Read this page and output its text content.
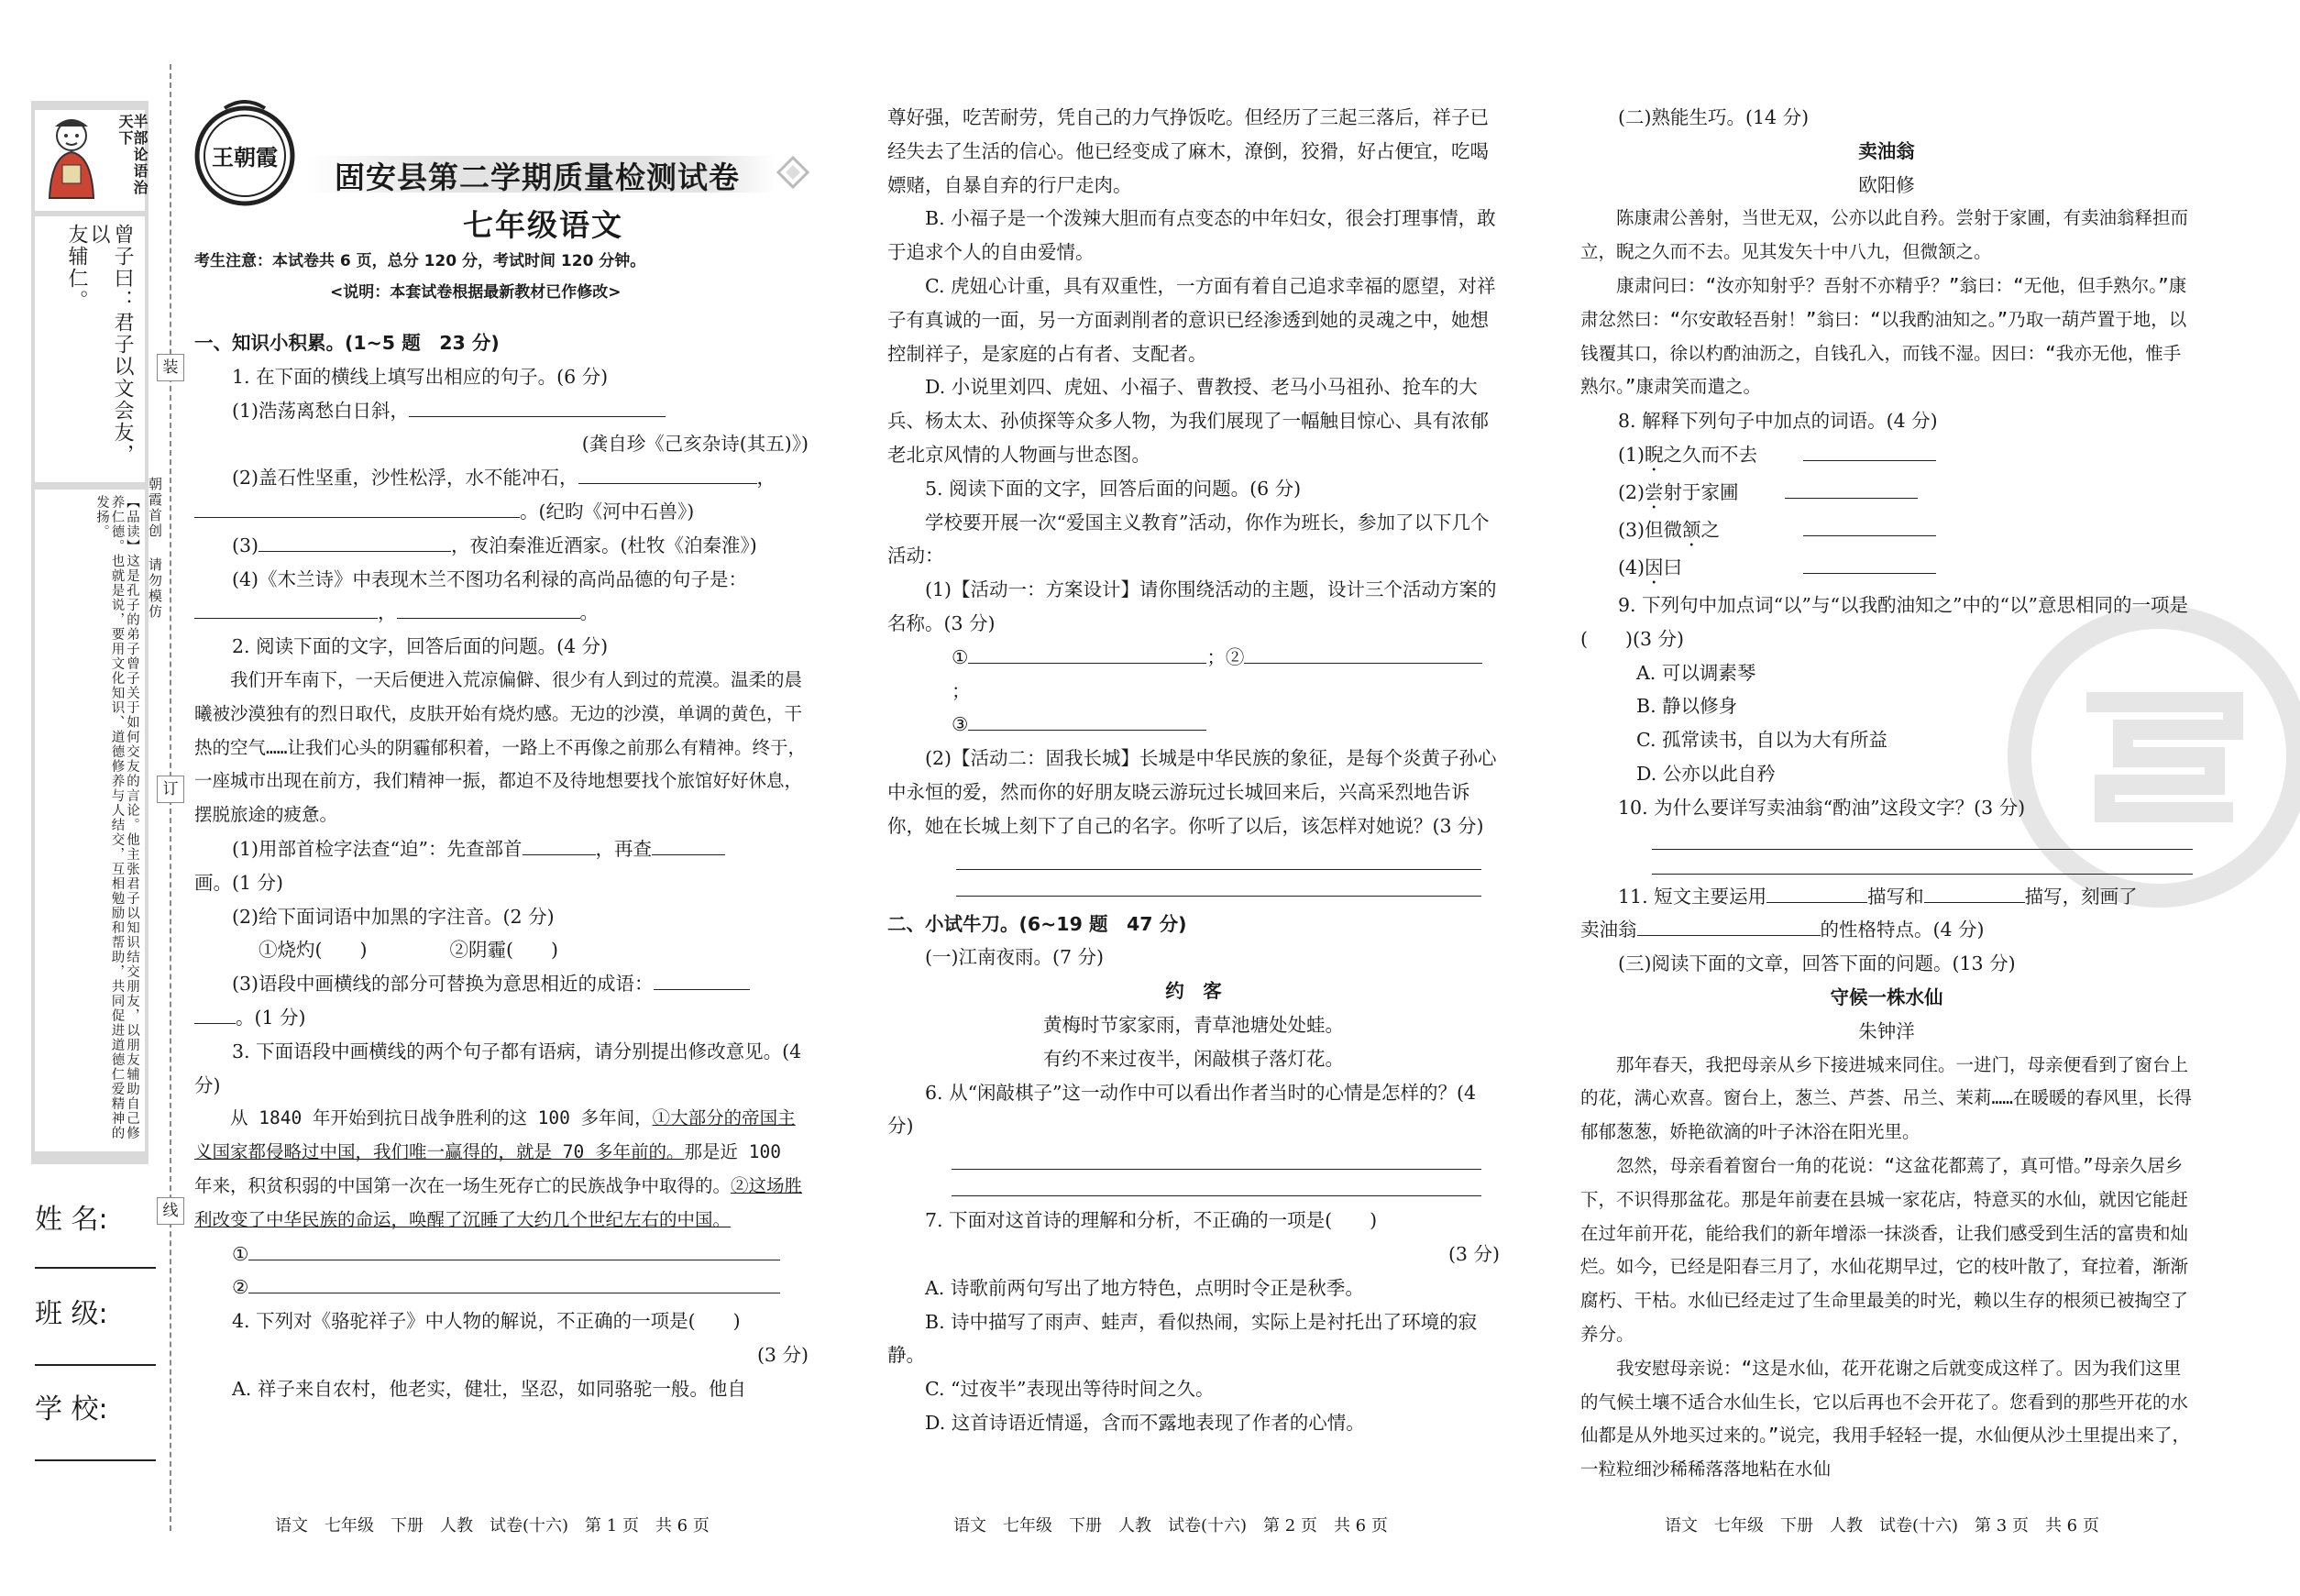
半部论语治天下
曾子曰：君子以文会友，以
友辅仁。
【品读】这是孔子的弟子曾子关于如何交友的言论。他主张君子以知识结交朋友，以朋友辅助自己修养仁德。也就是说，要用文化知识、道德修养与人结交，互相勉励和帮助，共同促进道德仁爱精神的发扬。
装
订
线
朝霞首创 请勿模仿
姓 名:
班 级:
学 校:
王朝霞
固安县第二学期质量检测试卷
七年级语文
考生注意：本试卷共 6 页，总分 120 分，考试时间 120 分钟。
<说明：本套试卷根据最新教材已作修改>

一、知识小积累。(1~5 题　23 分)

1. 在下面的横线上填写出相应的句子。(6 分)

(1)浩荡离愁白日斜，

(龚自珍《己亥杂诗(其五)》)

(2)盖石性坚重，沙性松浮，水不能冲石，	，

。(纪昀《河中石兽》)

(3)	，夜泊秦淮近酒家。(杜牧《泊秦淮》)

(4)《木兰诗》中表现木兰不图功名利禄的高尚品德的句子是：

，	。

2. 阅读下面的文字，回答后面的问题。(4 分)

我们开车南下，一天后便进入荒凉偏僻、很少有人到过的荒漠。温柔的晨曦被沙漠独有的烈日取代，皮肤开始有烧灼感。无边的沙漠，单调的黄色，干热的空气……让我们心头的阴霾郁积着，一路上不再像之前那么有精神。终于，一座城市出现在前方，我们精神一振，都迫不及待地想要找个旅馆好好休息，摆脱旅途的疲惫。

(1)用部首检字法查“迫”：先查部首	，再查

画。(1 分)

(2)给下面词语中加黑的字注音。(2 分)

①烧灼(　　)	②阴霾(　　)

(3)语段中画横线的部分可替换为意思相近的成语：

。(1 分)

3. 下面语段中画横线的两个句子都有语病，请分别提出修改意见。(4 分)

从 1840 年开始到抗日战争胜利的这 100 多年间，①大部分的帝国主义国家都侵略过中国，我们唯一赢得的，就是 70 多年前的。那是近 100 年来，积贫积弱的中国第一次在一场生死存亡的民族战争中取得的。②这场胜利改变了中华民族的命运，唤醒了沉睡了大约几个世纪左右的中国。

①

②

4. 下列对《骆驼祥子》中人物的解说，不正确的一项是(　　)

(3 分)

A. 祥子来自农村，他老实，健壮，坚忍，如同骆驼一般。他自

语文　七年级　下册　人教　试卷(十六)　第 1 页　共 6 页

尊好强，吃苦耐劳，凭自己的力气挣饭吃。但经历了三起三落后，祥子已经失去了生活的信心。他已经变成了麻木，潦倒，狡猾，好占便宜，吃喝嫖赌，自暴自弃的行尸走肉。

B. 小福子是一个泼辣大胆而有点变态的中年妇女，很会打理事情，敢于追求个人的自由爱情。

C. 虎妞心计重，具有双重性，一方面有着自己追求幸福的愿望，对祥子有真诚的一面，另一方面剥削者的意识已经渗透到她的灵魂之中，她想控制祥子，是家庭的占有者、支配者。

D. 小说里刘四、虎妞、小福子、曹教授、老马小马祖孙、抢车的大兵、杨太太、孙侦探等众多人物，为我们展现了一幅触目惊心、具有浓郁老北京风情的人物画与世态图。

5. 阅读下面的文字，回答后面的问题。(6 分)

学校要开展一次“爱国主义教育”活动，你作为班长，参加了以下几个活动：

(1)【活动一：方案设计】请你围绕活动的主题，设计三个活动方案的名称。(3 分)

①	；②；

③

(2)【活动二：固我长城】长城是中华民族的象征，是每个炎黄子孙心中永恒的爱，然而你的好朋友晓云游玩过长城回来后，兴高采烈地告诉你，她在长城上刻下了自己的名字。你听了以后，该怎样对她说？(3 分)

二、小试牛刀。(6~19 题　47 分)

(一)江南夜雨。(7 分)

约　客

黄梅时节家家雨，青草池塘处处蛙。

有约不来过夜半，闲敲棋子落灯花。

6. 从“闲敲棋子”这一动作中可以看出作者当时的心情是怎样的？(4 分)

7. 下面对这首诗的理解和分析，不正确的一项是(　　)

(3 分)

A. 诗歌前两句写出了地方特色，点明时令正是秋季。

B. 诗中描写了雨声、蛙声，看似热闹，实际上是衬托出了环境的寂静。

C. “过夜半”表现出等待时间之久。

D. 这首诗语近情遥，含而不露地表现了作者的心情。

语文　七年级　下册　人教　试卷(十六)　第 2 页　共 6 页

(二)熟能生巧。(14 分)

卖油翁

欧阳修

陈康肃公善射，当世无双，公亦以此自矜。尝射于家圃，有卖油翁释担而立，睨之久而不去。见其发矢十中八九，但微颔之。

康肃问曰：“汝亦知射乎？吾射不亦精乎？”翁曰：“无他，但手熟尔。”康肃忿然曰：“尔安敢轻吾射！”翁曰：“以我酌油知之。”乃取一葫芦置于地，以钱覆其口，徐以杓酌油沥之，自钱孔入，而钱不湿。因曰：“我亦无他，惟手熟尔。”康肃笑而遣之。

8. 解释下列句子中加点的词语。(4 分)

(1)睨之久而不去

(2)尝射于家圃

(3)但微颔之

(4)因曰

9. 下列句中加点词“以”与“以我酌油知之”中的“以”意思相同的一项是(　　)(3 分)

A. 可以调素琴

B. 静以修身

C. 孤常读书，自以为大有所益

D. 公亦以此自矜

10. 为什么要详写卖油翁“酌油”这段文字？(3 分)

11. 短文主要运用	描写和	描写，刻画了

卖油翁	的性格特点。(4 分)

(三)阅读下面的文章，回答下面的问题。(13 分)

守候一株水仙

朱钟洋

那年春天，我把母亲从乡下接进城来同住。一进门，母亲便看到了窗台上的花，满心欢喜。窗台上，葱兰、芦荟、吊兰、茉莉……在暖暖的春风里，长得郁郁葱葱，娇艳欲滴的叶子沐浴在阳光里。

忽然，母亲看着窗台一角的花说：“这盆花都蔫了，真可惜。”母亲久居乡下，不识得那盆花。那是年前妻在县城一家花店，特意买的水仙，就因它能赶在过年前开花，能给我们的新年增添一抹淡香，让我们感受到生活的富贵和灿烂。如今，已经是阳春三月了，水仙花期早过，它的枝叶散了，耷拉着，渐渐腐朽、干枯。水仙已经走过了生命里最美的时光，赖以生存的根须已被掏空了养分。

我安慰母亲说：“这是水仙，花开花谢之后就变成这样了。因为我们这里的气候土壤不适合水仙生长，它以后再也不会开花了。您看到的那些开花的水仙都是从外地买过来的。”说完，我用手轻轻一提，水仙便从沙土里提出来了，一粒粒细沙稀稀落落地粘在水仙

语文　七年级　下册　人教　试卷(十六)　第 3 页　共 6 页
